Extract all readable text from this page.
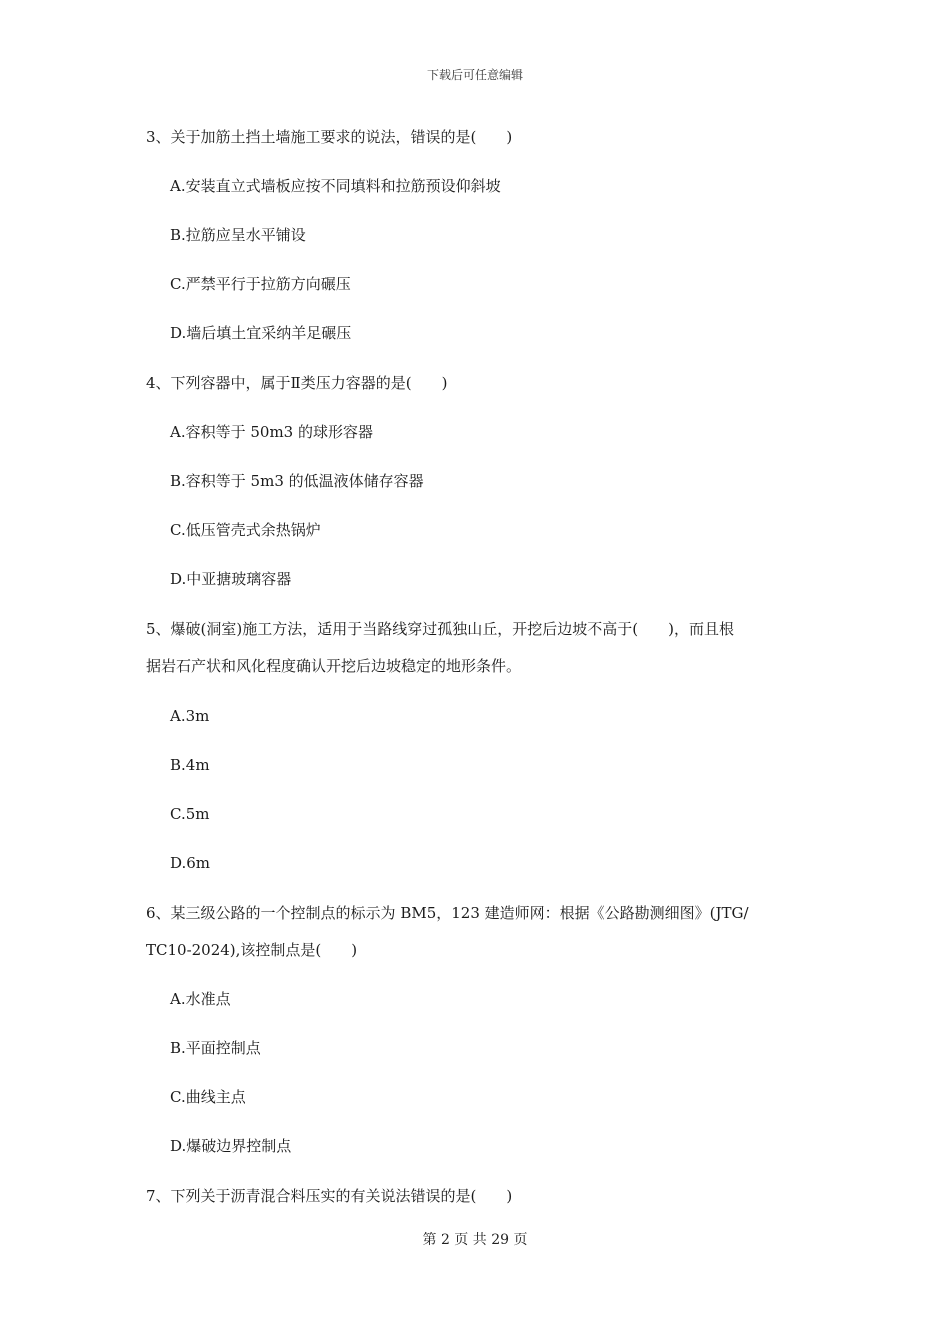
下载后可任意编辑
3、关于加筋土挡土墙施工要求的说法，错误的是(　　)
A.安装直立式墙板应按不同填料和拉筋预设仰斜坡
B.拉筋应呈水平铺设
C.严禁平行于拉筋方向碾压
D.墙后填土宜采纳羊足碾压
4、下列容器中，属于Ⅱ类压力容器的是(　　)
A.容积等于 50m3 的球形容器
B.容积等于 5m3 的低温液体储存容器
C.低压管壳式余热锅炉
D.中亚搪玻璃容器
5、爆破(洞室)施工方法，适用于当路线穿过孤独山丘，开挖后边坡不高于(　　)，而且根
据岩石产状和风化程度确认开挖后边坡稳定的地形条件。
A.3m
B.4m
C.5m
D.6m
6、某三级公路的一个控制点的标示为 BM5，123 建造师网：根据《公路勘测细图》(JTG/
TC10-2024),该控制点是(　　)
A.水准点
B.平面控制点
C.曲线主点
D.爆破边界控制点
7、下列关于沥青混合料压实的有关说法错误的是(　　)
第 2 页 共 29 页
